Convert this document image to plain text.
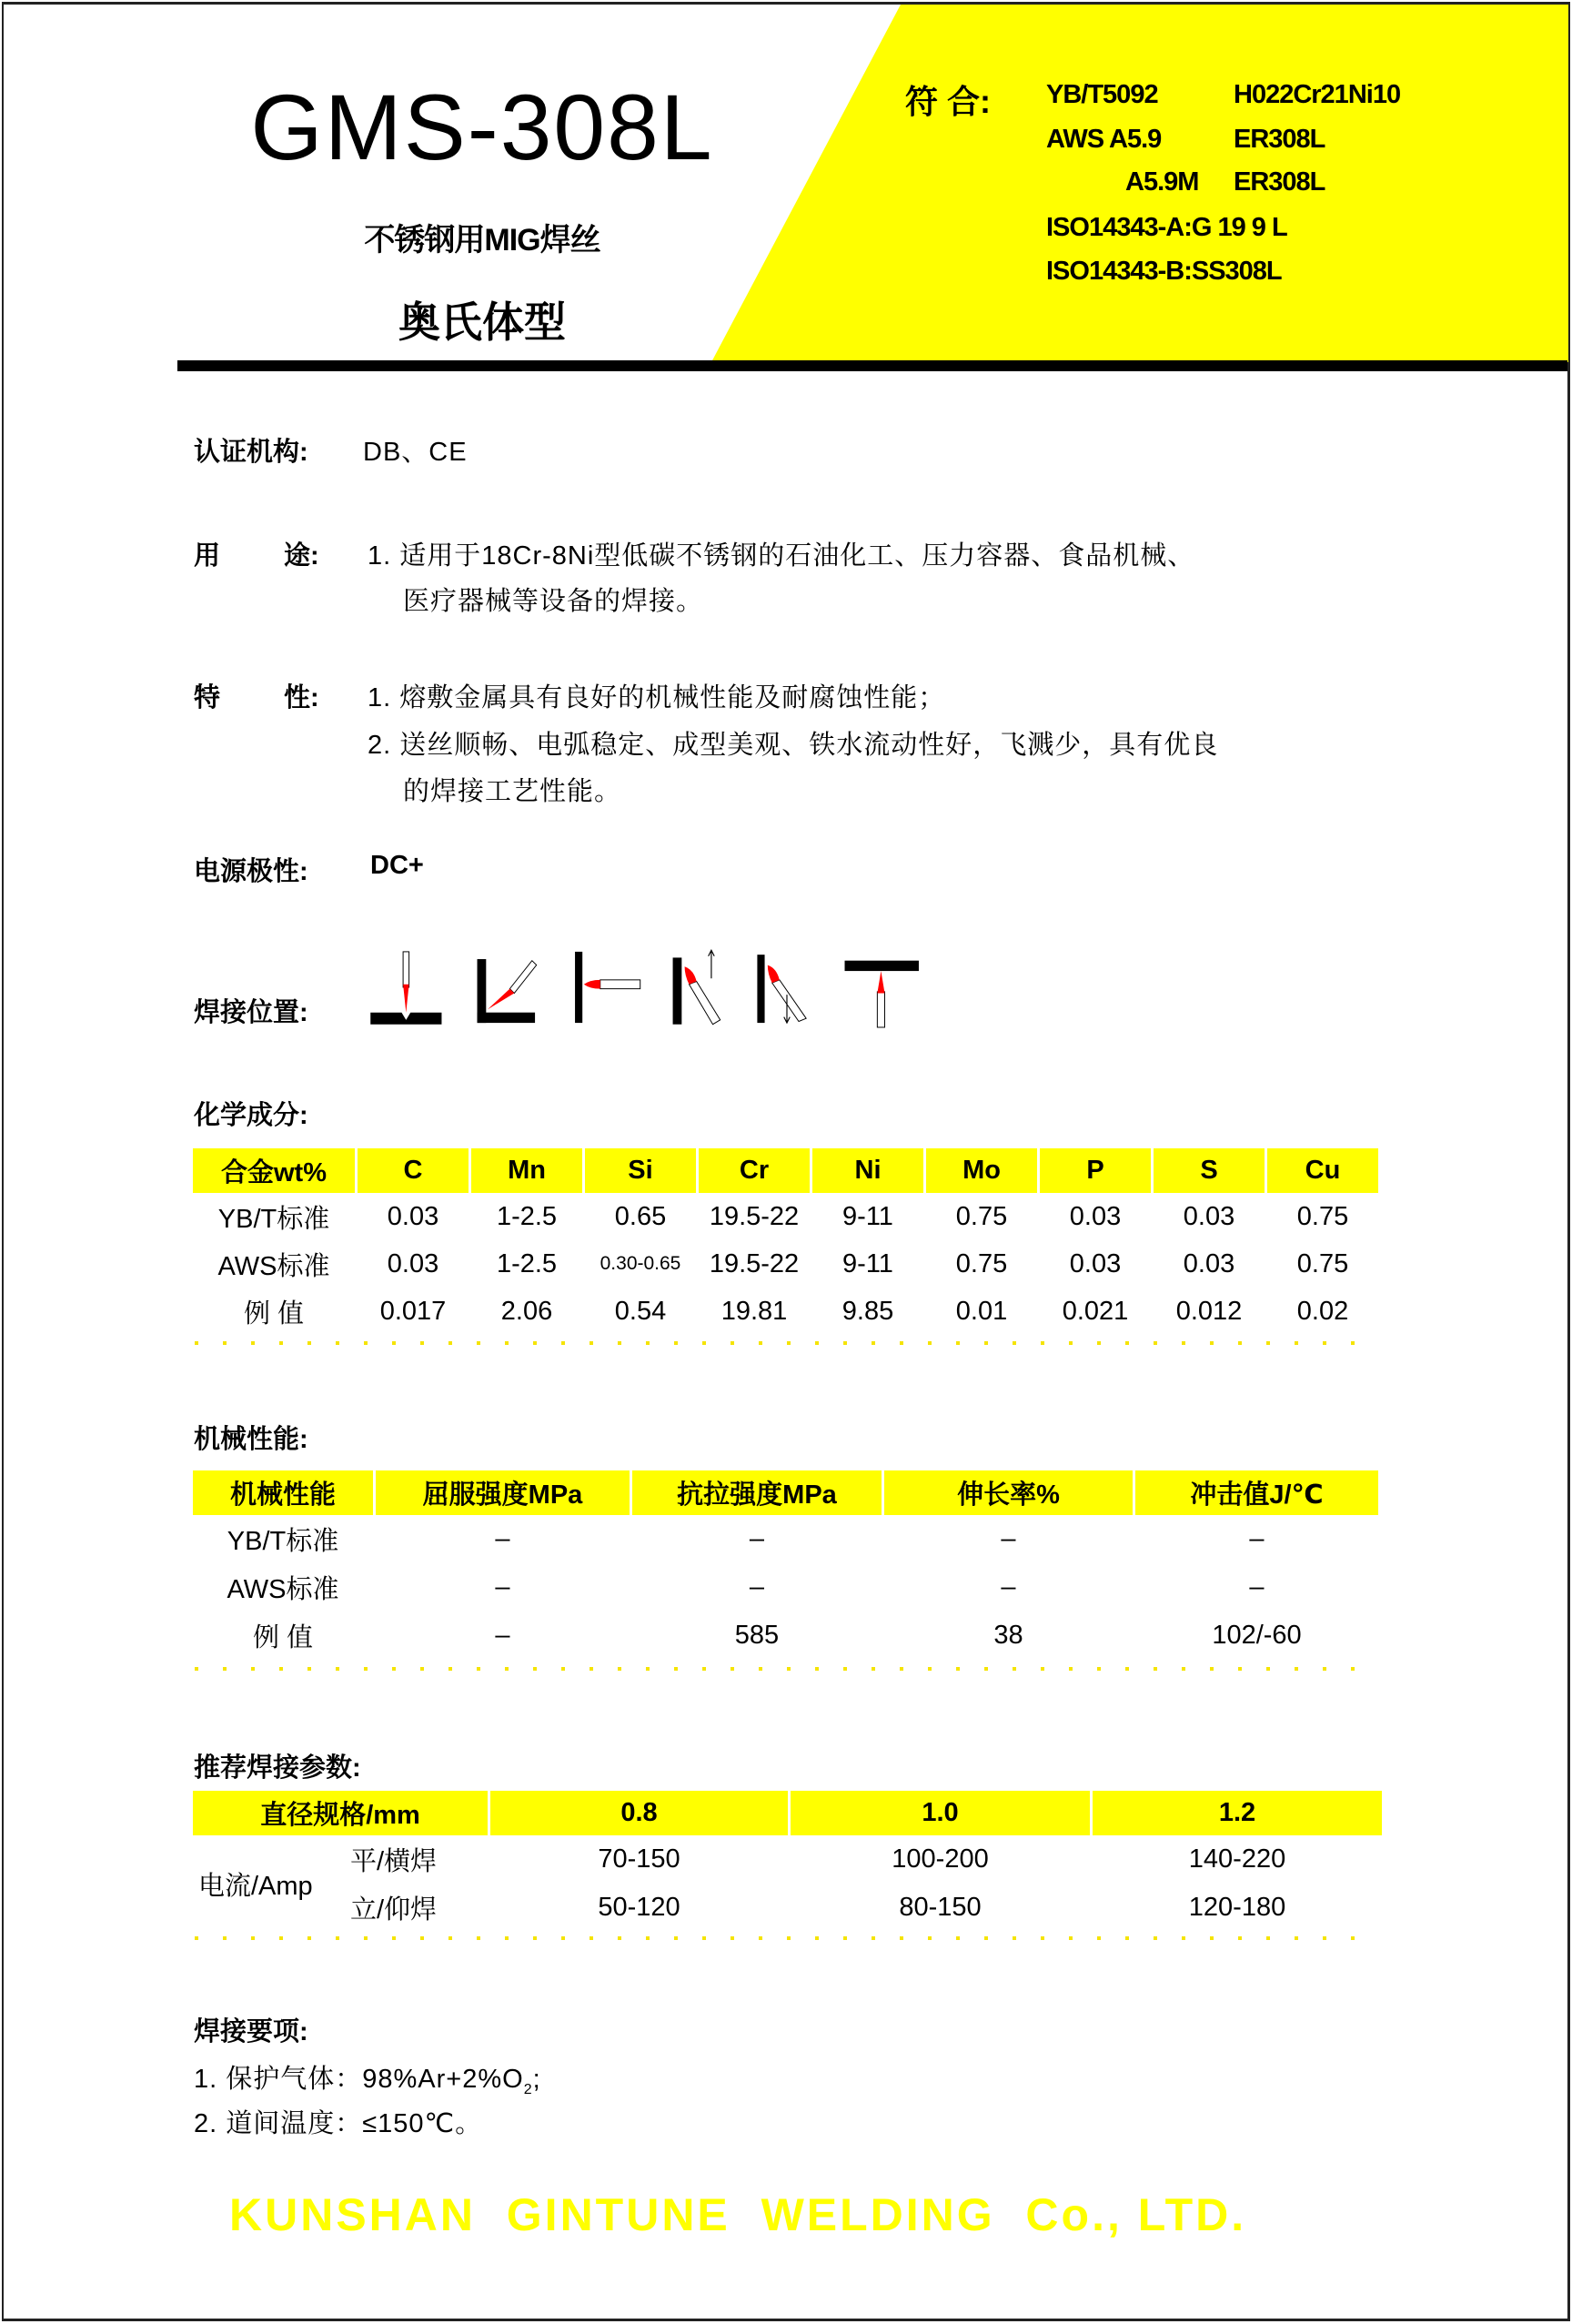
GMS-308L
不锈钢用MIG焊丝
奥氏体型
符 合: YB/T5092	H022Cr21Ni10
AWS A5.9	ER308L
A5.9M ER308L
ISO14343-A:G 19 9 L
ISO14343-B:SS308L
认证机构: DB、CE
用 途: 1. 适用于18Cr-8Ni型低碳不锈钢的石油化工、压力容器、食品机械、
医疗器械等设备的焊接。
特 性: 1. 熔敷金属具有良好的机械性能及耐腐蚀性能；
2. 送丝顺畅、电弧稳定、成型美观、铁水流动性好，飞溅少，具有优良
的焊接工艺性能。
电源极性: DC+
焊接位置:
化学成分:
合金wt%	C	Mn	Si	Cr	Ni	Mo	P	S	Cu
YB/T标准	0.03	1-2.5	0.65	19.5-22	9-11	0.75	0.03	0.03	0.75
AWS标准	0.03	1-2.5	0.30-0.65	19.5-22	9-11	0.75	0.03	0.03	0.75
例 值	0.017	2.06	0.54	19.81	9.85	0.01	0.021	0.012	0.02
机械性能:
机械性能	屈服强度MPa	抗拉强度MPa	伸长率%	冲击值J/℃
YB/T标准	–	–	–	–
AWS标准	–	–	–	–
例 值	–	585	38	102/-60
推荐焊接参数:
直径规格/mm		0.8	1.0	1.2
电流/Amp	平/横焊	70-150	100-200	140-220
	立/仰焊	50-120	80-150	120-180
焊接要项:
1. 保护气体：$98\%Ar+2\%O_2$;
2. 道间温度：≤150℃。
KUNSHAN  GINTUNE  WELDING  Co., LTD.
